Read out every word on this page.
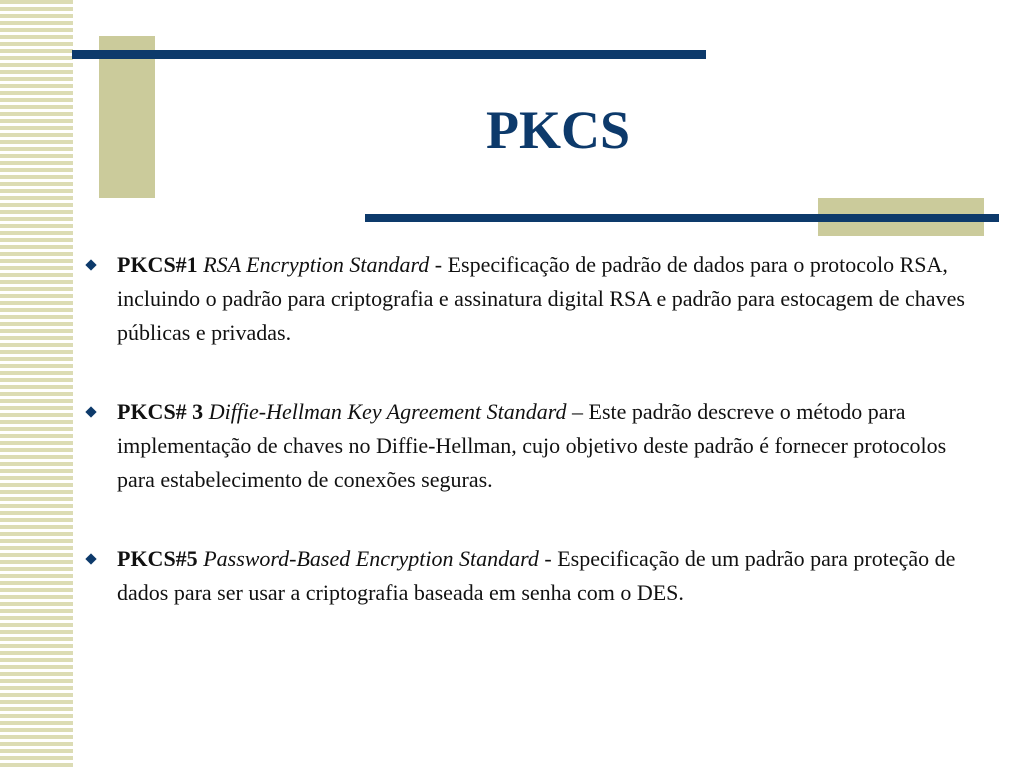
PKCS
PKCS#1 RSA Encryption Standard - Especificação de padrão de dados para o protocolo RSA, incluindo o padrão para criptografia e assinatura digital RSA e padrão para estocagem de chaves públicas e privadas.
PKCS# 3 Diffie-Hellman Key Agreement Standard – Este padrão descreve o método para implementação de chaves no Diffie-Hellman, cujo objetivo deste padrão é fornecer protocolos para estabelecimento de conexões seguras.
PKCS#5 Password-Based Encryption Standard - Especificação de um padrão para proteção de dados para ser usar a criptografia baseada em senha com o DES.
